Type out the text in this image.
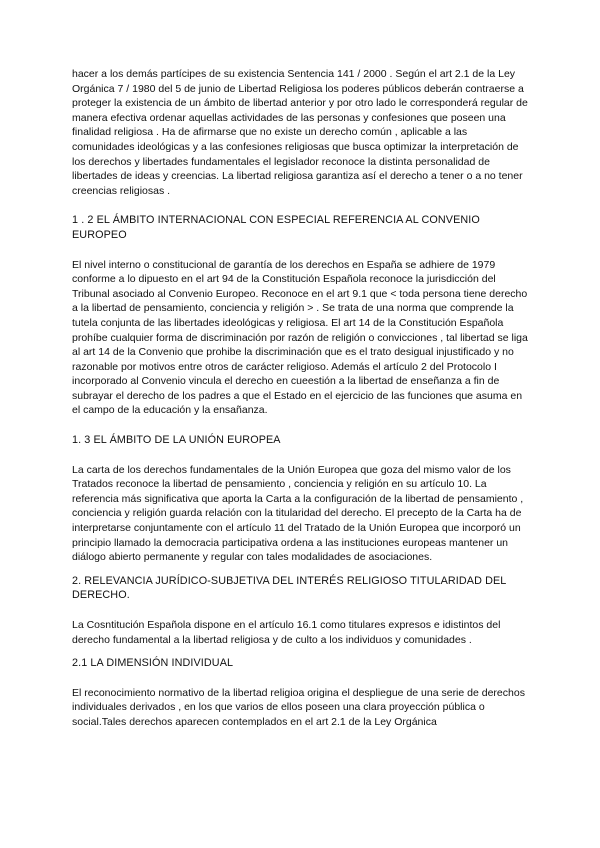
hacer a los demás partícipes de su existencia Sentencia 141 / 2000 . Según el art 2.1 de la Ley Orgánica 7 / 1980 del 5 de junio de Libertad Religiosa los poderes públicos deberán contraerse a proteger la existencia de un ámbito de libertad anterior y por otro lado le corresponderá regular de manera efectiva ordenar aquellas actividades de las personas y confesiones que poseen una finalidad religiosa . Ha de afirmarse que no existe un derecho común , aplicable a las comunidades ideológicas y a las confesiones religiosas que busca optimizar la interpretación de los derechos y libertades fundamentales el legislador reconoce la distinta personalidad de libertades de ideas y creencias. La libertad religiosa garantiza así el derecho a tener o a no tener creencias religiosas .

1 . 2 EL ÁMBITO INTERNACIONAL CON ESPECIAL REFERENCIA AL CONVENIO EUROPEO

El nivel interno o constitucional de garantía de los derechos en España se adhiere de 1979 conforme a lo dipuesto en el art 94 de la Constitución Española reconoce la jurisdicción del Tribunal asociado al Convenio Europeo. Reconoce en el art 9.1 que < toda persona tiene derecho a la libertad de pensamiento, conciencia y religión > . Se trata de una norma que comprende la tutela conjunta de las libertades ideológicas y religiosa. El art 14 de la Constitución Española prohíbe cualquier forma de discriminación por razón de religión o convicciones , tal libertad se liga al art 14 de la Convenio que prohibe la discriminación que es el trato desigual injustificado y no razonable por motivos entre otros de carácter religioso. Además el artículo 2 del Protocolo I incorporado al Convenio vincula el derecho en cueestión a la libertad de enseñanza a fin de subrayar el derecho de los padres a que el Estado en el ejercicio de las funciones que asuma en el campo de la educación y la ensañanza.

1. 3 EL ÁMBITO DE LA UNIÓN EUROPEA

La carta de los derechos fundamentales de la Unión Europea que goza del mismo valor de los Tratados reconoce la libertad de pensamiento , conciencia y religión en su artículo 10. La referencia más significativa que aporta la Carta a la configuración de la libertad de pensamiento , conciencia y religión guarda relación con la titularidad del derecho. El precepto de la Carta ha de interpretarse conjuntamente con el artículo 11 del Tratado de la Unión Europea que incorporó un principio llamado la democracia participativa ordena a las instituciones europeas mantener un diálogo abierto permanente y regular con tales modalidades de asociaciones.

2. RELEVANCIA JURÍDICO-SUBJETIVA DEL INTERÉS RELIGIOSO TITULARIDAD DEL DERECHO.

La Cosntitución Española dispone en el artículo 16.1 como titulares expresos e idistintos del derecho fundamental a la libertad religiosa y de culto a los individuos y comunidades .

2.1 LA DIMENSIÓN INDIVIDUAL

El reconocimiento normativo de la libertad religioa origina el despliegue de una serie de derechos individuales derivados , en los que varios de ellos poseen una clara proyección pública o social.Tales derechos aparecen contemplados en el art 2.1 de la Ley Orgánica
